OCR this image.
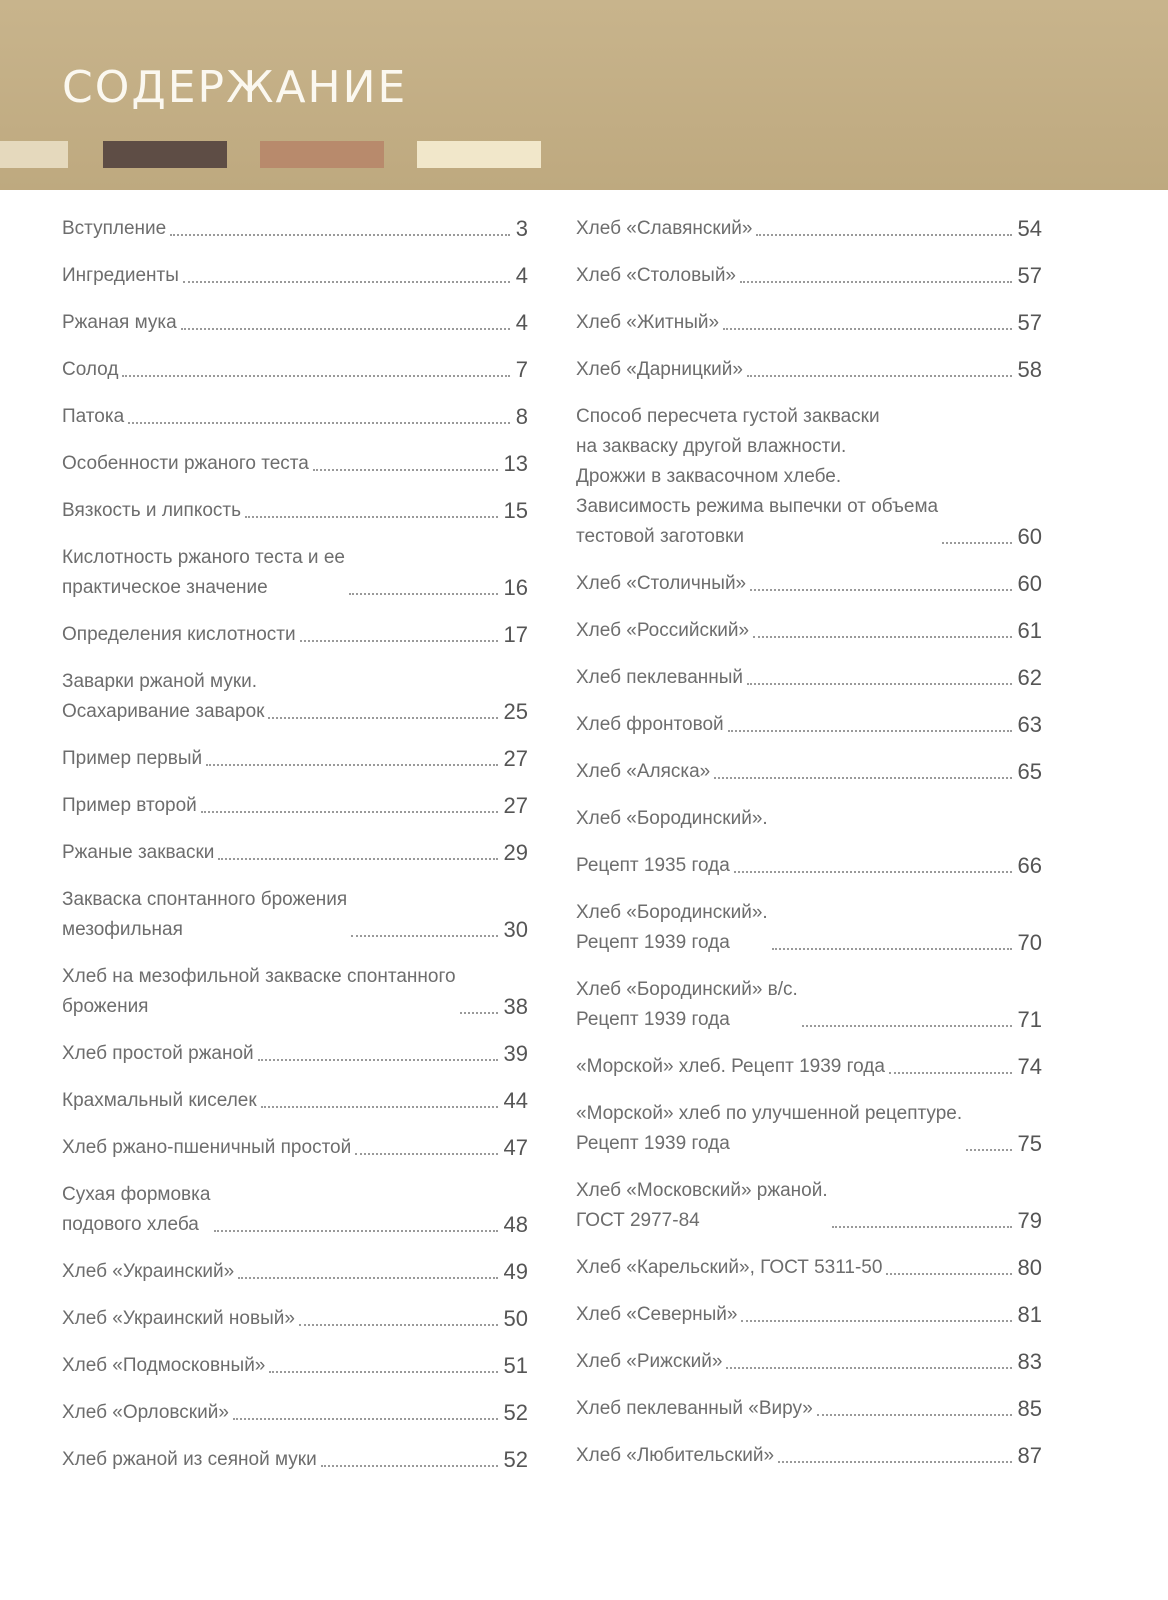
СОДЕРЖАНИЕ
Вступление	3
Ингредиенты	4
Ржаная мука	4
Солод	7
Патока	8
Особенности ржаного теста	13
Вязкость и липкость	15
Кислотность ржаного теста и ее
практическое значение	16
Определения кислотности	17
Заварки ржаной муки.
Осахаривание заварок	25
Пример первый	27
Пример второй	27
Ржаные закваски	29
Закваска спонтанного брожения
мезофильная	30
Хлеб на мезофильной закваске спонтанного
брожения	38
Хлеб простой ржаной	39
Крахмальный киселек	44
Хлеб ржано-пшеничный простой	47
Сухая формовка
подового хлеба	48
Хлеб «Украинский»	49
Хлеб «Украинский новый»	50
Хлеб «Подмосковный»	51
Хлеб «Орловский»	52
Хлеб ржаной из сеяной муки	52
Хлеб «Славянский»	54
Хлеб «Столовый»	57
Хлеб «Житный»	57
Хлеб «Дарницкий»	58
Способ пересчета густой закваски
на закваску другой влажности.
Дрожжи в заквасочном хлебе.
Зависимость режима выпечки от объема
тестовой заготовки	60
Хлеб «Столичный»	60
Хлеб «Российский»	61
Хлеб пеклеванный	62
Хлеб фронтовой	63
Хлеб «Аляска»	65
Хлеб «Бородинский».
Рецепт 1935 года	66
Хлеб «Бородинский».
Рецепт 1939 года	70
Хлеб «Бородинский» в/с.
Рецепт 1939 года	71
«Морской» хлеб. Рецепт 1939 года	74
«Морской» хлеб по улучшенной рецептуре.
Рецепт 1939 года	75
Хлеб «Московский» ржаной.
ГОСТ 2977-84	79
Хлеб «Карельский», ГОСТ 5311-50	80
Хлеб «Северный»	81
Хлеб «Рижский»	83
Хлеб пеклеванный «Виру»	85
Хлеб «Любительский»	87
